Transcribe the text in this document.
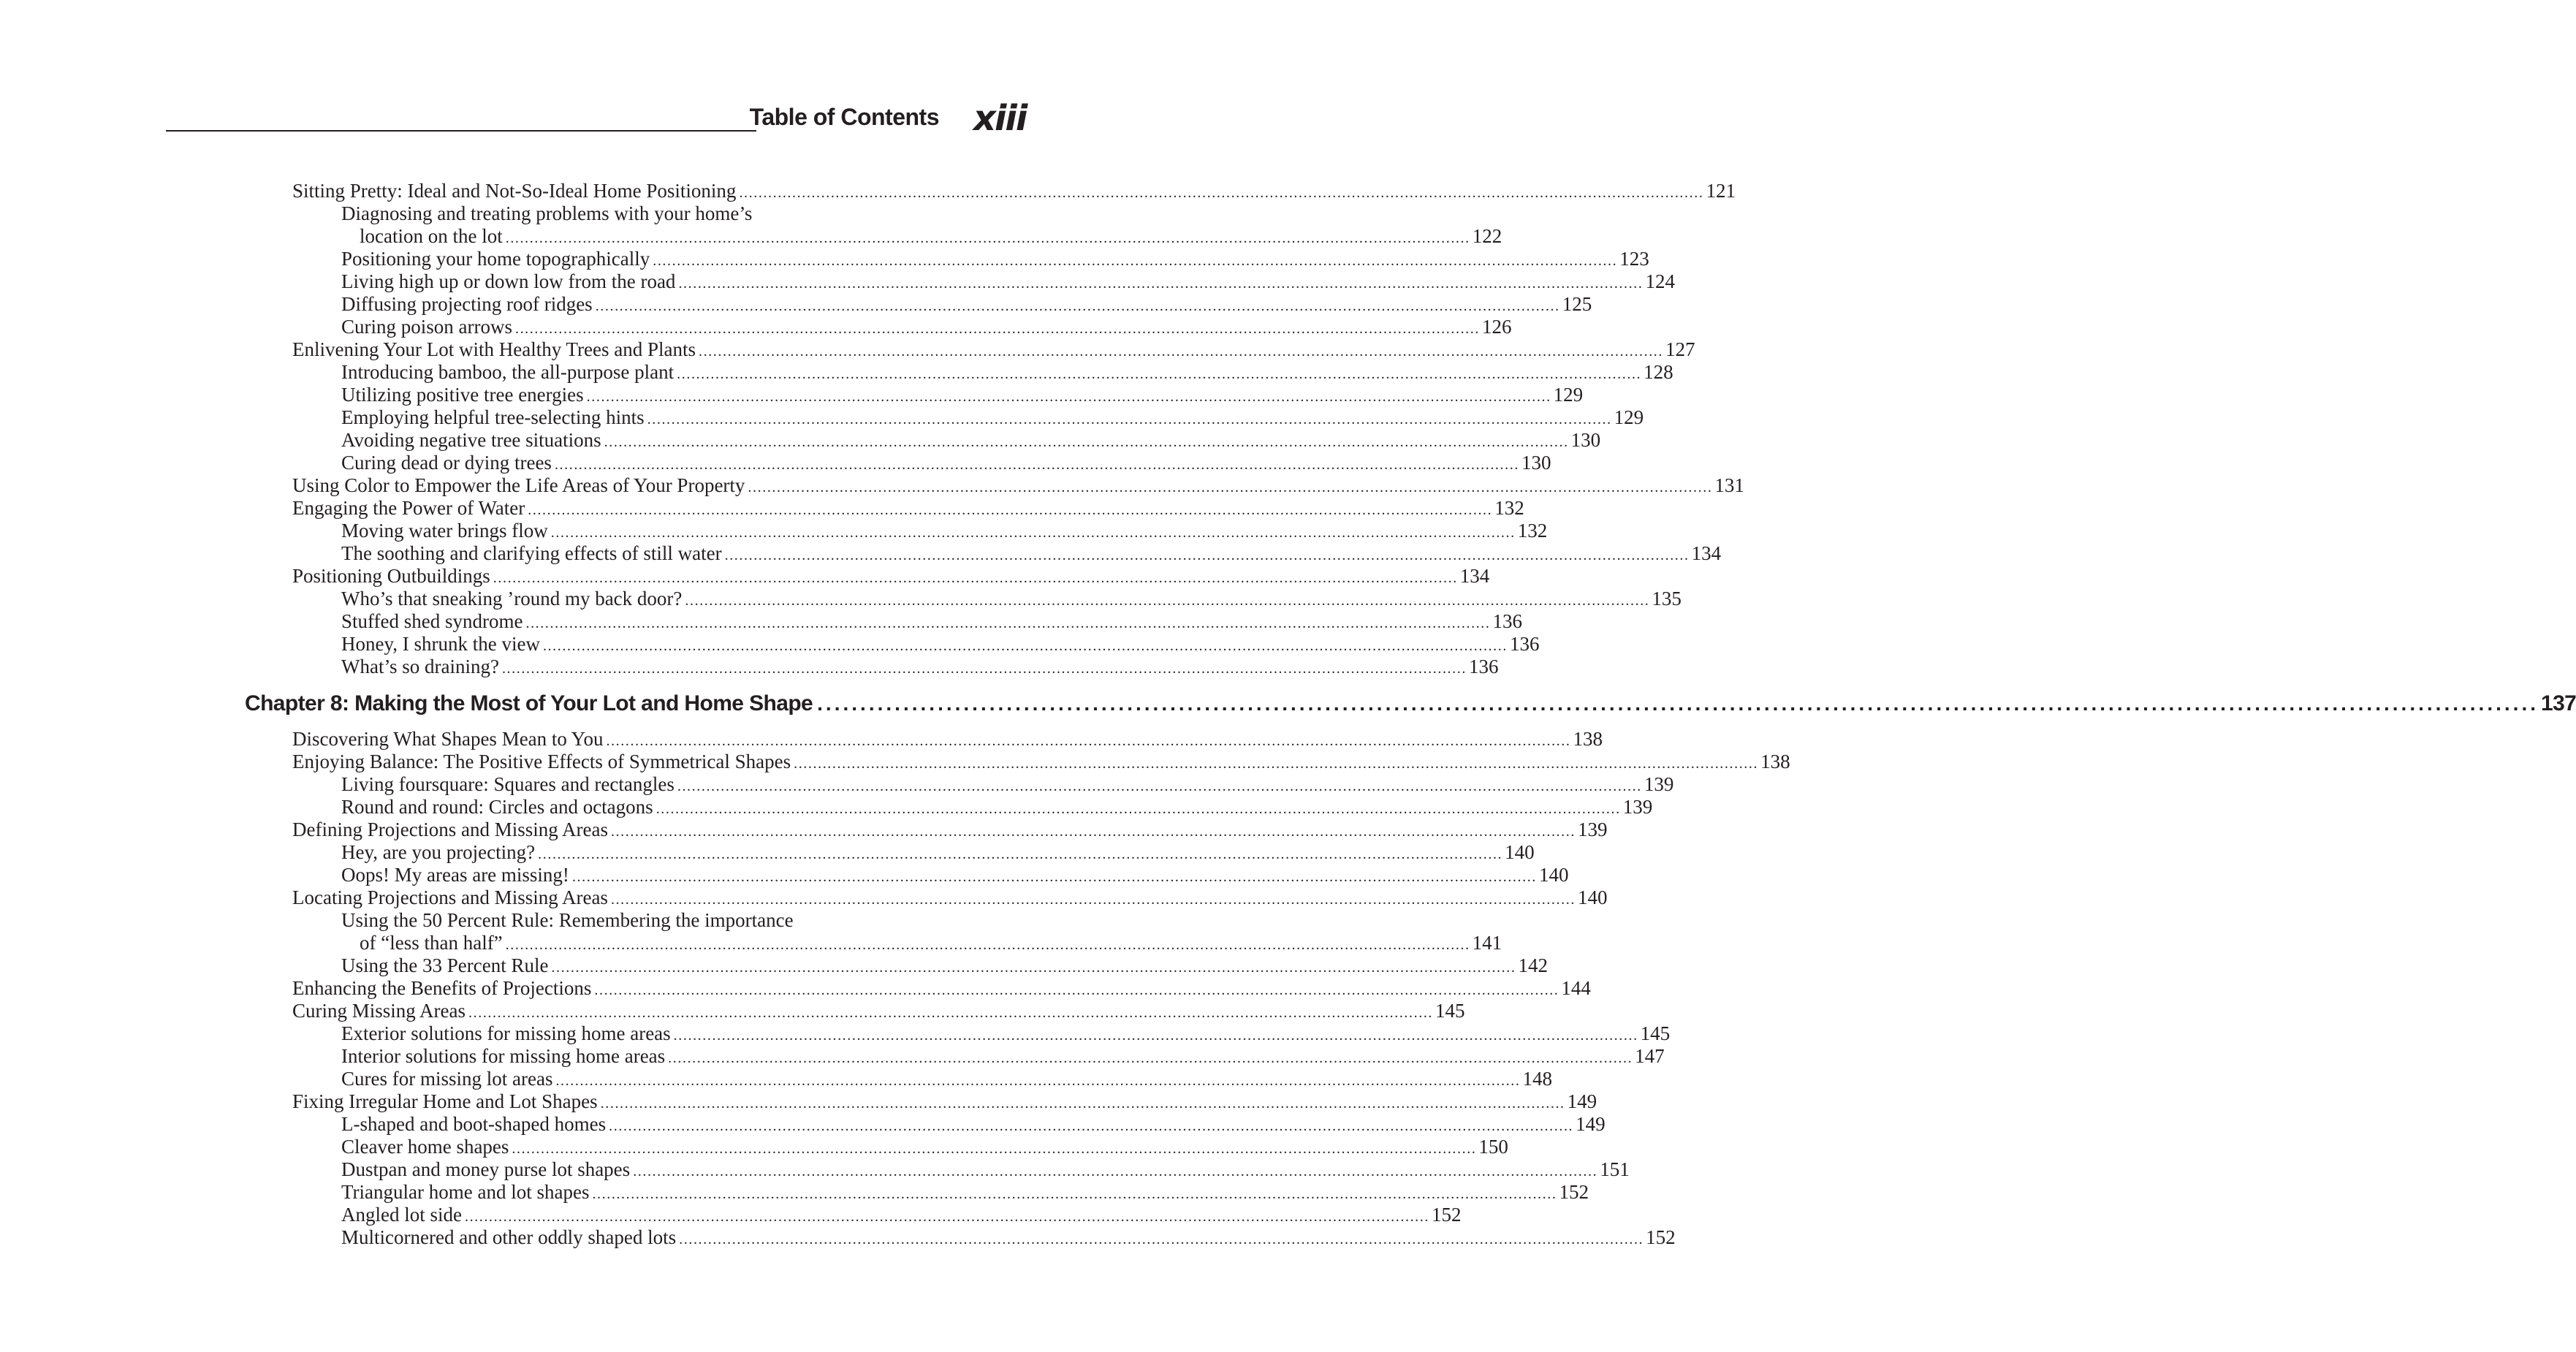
Table of Contents xiii
Sitting Pretty: Ideal and Not-So-Ideal Home Positioning ........................................................................................................................................................................................................ 121
Diagnosing and treating problems with your home’s
location on the lot ........................................................................................................................................................................................................ 122
Positioning your home topographically ........................................................................................................................................................................................................ 123
Living high up or down low from the road ........................................................................................................................................................................................................ 124
Diffusing projecting roof ridges ........................................................................................................................................................................................................ 125
Curing poison arrows ........................................................................................................................................................................................................ 126
Enlivening Your Lot with Healthy Trees and Plants ........................................................................................................................................................................................................ 127
Introducing bamboo, the all-purpose plant ........................................................................................................................................................................................................ 128
Utilizing positive tree energies ........................................................................................................................................................................................................ 129
Employing helpful tree-selecting hints ........................................................................................................................................................................................................ 129
Avoiding negative tree situations ........................................................................................................................................................................................................ 130
Curing dead or dying trees ........................................................................................................................................................................................................ 130
Using Color to Empower the Life Areas of Your Property ........................................................................................................................................................................................................ 131
Engaging the Power of Water ........................................................................................................................................................................................................ 132
Moving water brings flow ........................................................................................................................................................................................................ 132
The soothing and clarifying effects of still water ........................................................................................................................................................................................................ 134
Positioning Outbuildings ........................................................................................................................................................................................................ 134
Who’s that sneaking ’round my back door? ........................................................................................................................................................................................................ 135
Stuffed shed syndrome ........................................................................................................................................................................................................ 136
Honey, I shrunk the view ........................................................................................................................................................................................................ 136
What’s so draining? ........................................................................................................................................................................................................ 136
Chapter 8: Making the Most of Your Lot and Home Shape ........................................................................................................................................................................................................ 137
Discovering What Shapes Mean to You ........................................................................................................................................................................................................ 138
Enjoying Balance: The Positive Effects of Symmetrical Shapes ........................................................................................................................................................................................................ 138
Living foursquare: Squares and rectangles ........................................................................................................................................................................................................ 139
Round and round: Circles and octagons ........................................................................................................................................................................................................ 139
Defining Projections and Missing Areas ........................................................................................................................................................................................................ 139
Hey, are you projecting? ........................................................................................................................................................................................................ 140
Oops! My areas are missing! ........................................................................................................................................................................................................ 140
Locating Projections and Missing Areas ........................................................................................................................................................................................................ 140
Using the 50 Percent Rule: Remembering the importance
of “less than half” ........................................................................................................................................................................................................ 141
Using the 33 Percent Rule ........................................................................................................................................................................................................ 142
Enhancing the Benefits of Projections ........................................................................................................................................................................................................ 144
Curing Missing Areas ........................................................................................................................................................................................................ 145
Exterior solutions for missing home areas ........................................................................................................................................................................................................ 145
Interior solutions for missing home areas ........................................................................................................................................................................................................ 147
Cures for missing lot areas ........................................................................................................................................................................................................ 148
Fixing Irregular Home and Lot Shapes ........................................................................................................................................................................................................ 149
L-shaped and boot-shaped homes ........................................................................................................................................................................................................ 149
Cleaver home shapes ........................................................................................................................................................................................................ 150
Dustpan and money purse lot shapes ........................................................................................................................................................................................................ 151
Triangular home and lot shapes ........................................................................................................................................................................................................ 152
Angled lot side ........................................................................................................................................................................................................ 152
Multicornered and other oddly shaped lots ........................................................................................................................................................................................................ 152
